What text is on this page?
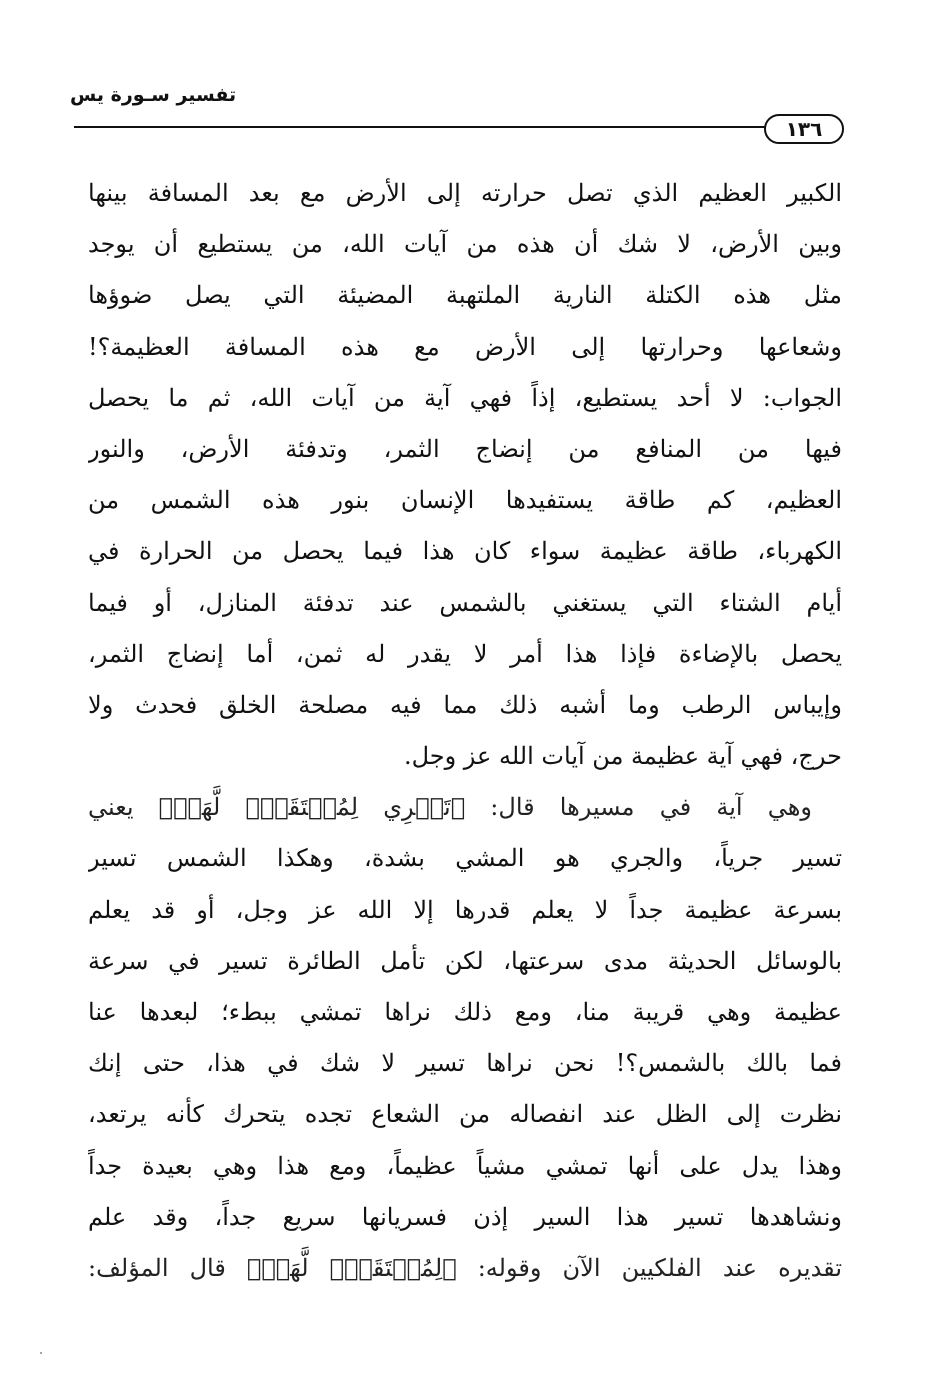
تفسير سـورة يس
١٣٦
الكبير العظيم الذي تصل حرارته إلى الأرض مع بعد المسافة بينها
وبين الأرض، لا شك أن هذه من آيات الله، من يستطيع أن يوجد
مثل هذه الكتلة النارية الملتهبة المضيئة التي يصل ضوؤها
وشعاعها وحرارتها إلى الأرض مع هذه المسافة العظيمة؟!
الجواب: لا أحد يستطيع، إذاً فهي آية من آيات الله، ثم ما يحصل
فيها من المنافع من إنضاج الثمر، وتدفئة الأرض، والنور
العظيم، كم طاقة يستفيدها الإنسان بنور هذه الشمس من
الكهرباء، طاقة عظيمة سواء كان هذا فيما يحصل من الحرارة في
أيام الشتاء التي يستغني بالشمس عند تدفئة المنازل، أو فيما
يحصل بالإضاءة فإذا هذا أمر لا يقدر له ثمن، أما إنضاج الثمر،
وإيباس الرطب وما أشبه ذلك مما فيه مصلحة الخلق فحدث ولا
حرج، فهي آية عظيمة من آيات الله عز وجل.
وهي آية في مسيرها قال: ﴿تَجۡرِي لِمُسۡتَقَرّٖ لَّهَاۚ﴾ يعني
تسير جرياً، والجري هو المشي بشدة، وهكذا الشمس تسير
بسرعة عظيمة جداً لا يعلم قدرها إلا الله عز وجل، أو قد يعلم
بالوسائل الحديثة مدى سرعتها، لكن تأمل الطائرة تسير في سرعة
عظيمة وهي قريبة منا، ومع ذلك نراها تمشي ببطء؛ لبعدها عنا
فما بالك بالشمس؟! نحن نراها تسير لا شك في هذا، حتى إنك
نظرت إلى الظل عند انفصاله من الشعاع تجده يتحرك كأنه يرتعد،
وهذا يدل على أنها تمشي مشياً عظيماً، ومع هذا وهي بعيدة جداً
ونشاهدها تسير هذا السير إذن فسريانها سريع جداً، وقد علم
تقديره عند الفلكيين الآن وقوله: ﴿لِمُسۡتَقَرّٖ لَّهَاۚ﴾ قال المؤلف:
